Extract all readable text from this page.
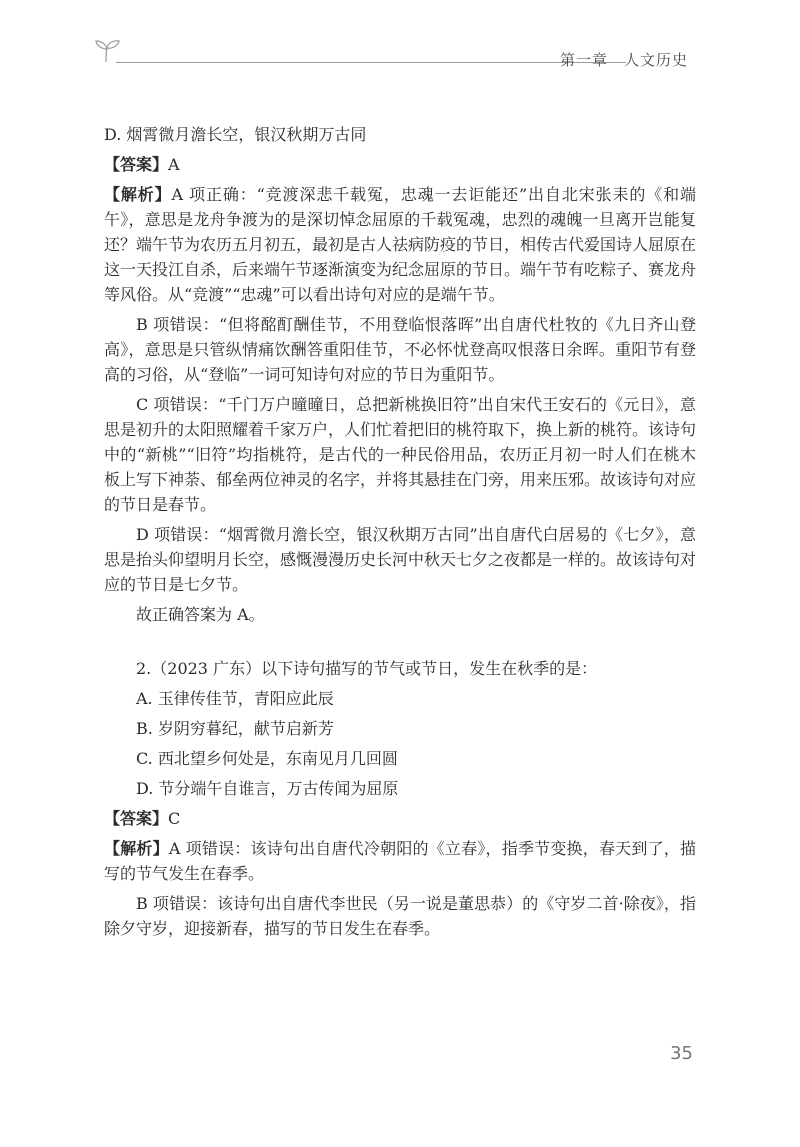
第一章　人文历史

D. 烟霄微月澹长空，银汉秋期万古同

【答案】A

【解析】A 项正确：“竞渡深悲千载冤，忠魂一去讵能还”出自北宋张耒的《和端午》，意思是龙舟争渡为的是深切悼念屈原的千载冤魂，忠烈的魂魄一旦离开岂能复还？端午节为农历五月初五，最初是古人祛病防疫的节日，相传古代爱国诗人屈原在这一天投江自杀，后来端午节逐渐演变为纪念屈原的节日。端午节有吃粽子、赛龙舟等风俗。从“竞渡”“忠魂”可以看出诗句对应的是端午节。

B 项错误：“但将酩酊酬佳节，不用登临恨落晖”出自唐代杜牧的《九日齐山登高》，意思是只管纵情痛饮酬答重阳佳节，不必怀忧登高叹恨落日余晖。重阳节有登高的习俗，从“登临”一词可知诗句对应的节日为重阳节。

C 项错误：“千门万户曈曈日，总把新桃换旧符”出自宋代王安石的《元日》，意思是初升的太阳照耀着千家万户，人们忙着把旧的桃符取下，换上新的桃符。该诗句中的“新桃”“旧符”均指桃符，是古代的一种民俗用品，农历正月初一时人们在桃木板上写下神荼、郁垒两位神灵的名字，并将其悬挂在门旁，用来压邪。故该诗句对应的节日是春节。

D 项错误：“烟霄微月澹长空，银汉秋期万古同”出自唐代白居易的《七夕》，意思是抬头仰望明月长空，感慨漫漫历史长河中秋天七夕之夜都是一样的。故该诗句对应的节日是七夕节。

故正确答案为 A。

2.（2023 广东）以下诗句描写的节气或节日，发生在秋季的是：

A. 玉律传佳节，青阳应此辰

B. 岁阴穷暮纪，献节启新芳

C. 西北望乡何处是，东南见月几回圆

D. 节分端午自谁言，万古传闻为屈原

【答案】C

【解析】A 项错误：该诗句出自唐代冷朝阳的《立春》，指季节变换，春天到了，描写的节气发生在春季。

B 项错误：该诗句出自唐代李世民（另一说是董思恭）的《守岁二首·除夜》，指除夕守岁，迎接新春，描写的节日发生在春季。

35
